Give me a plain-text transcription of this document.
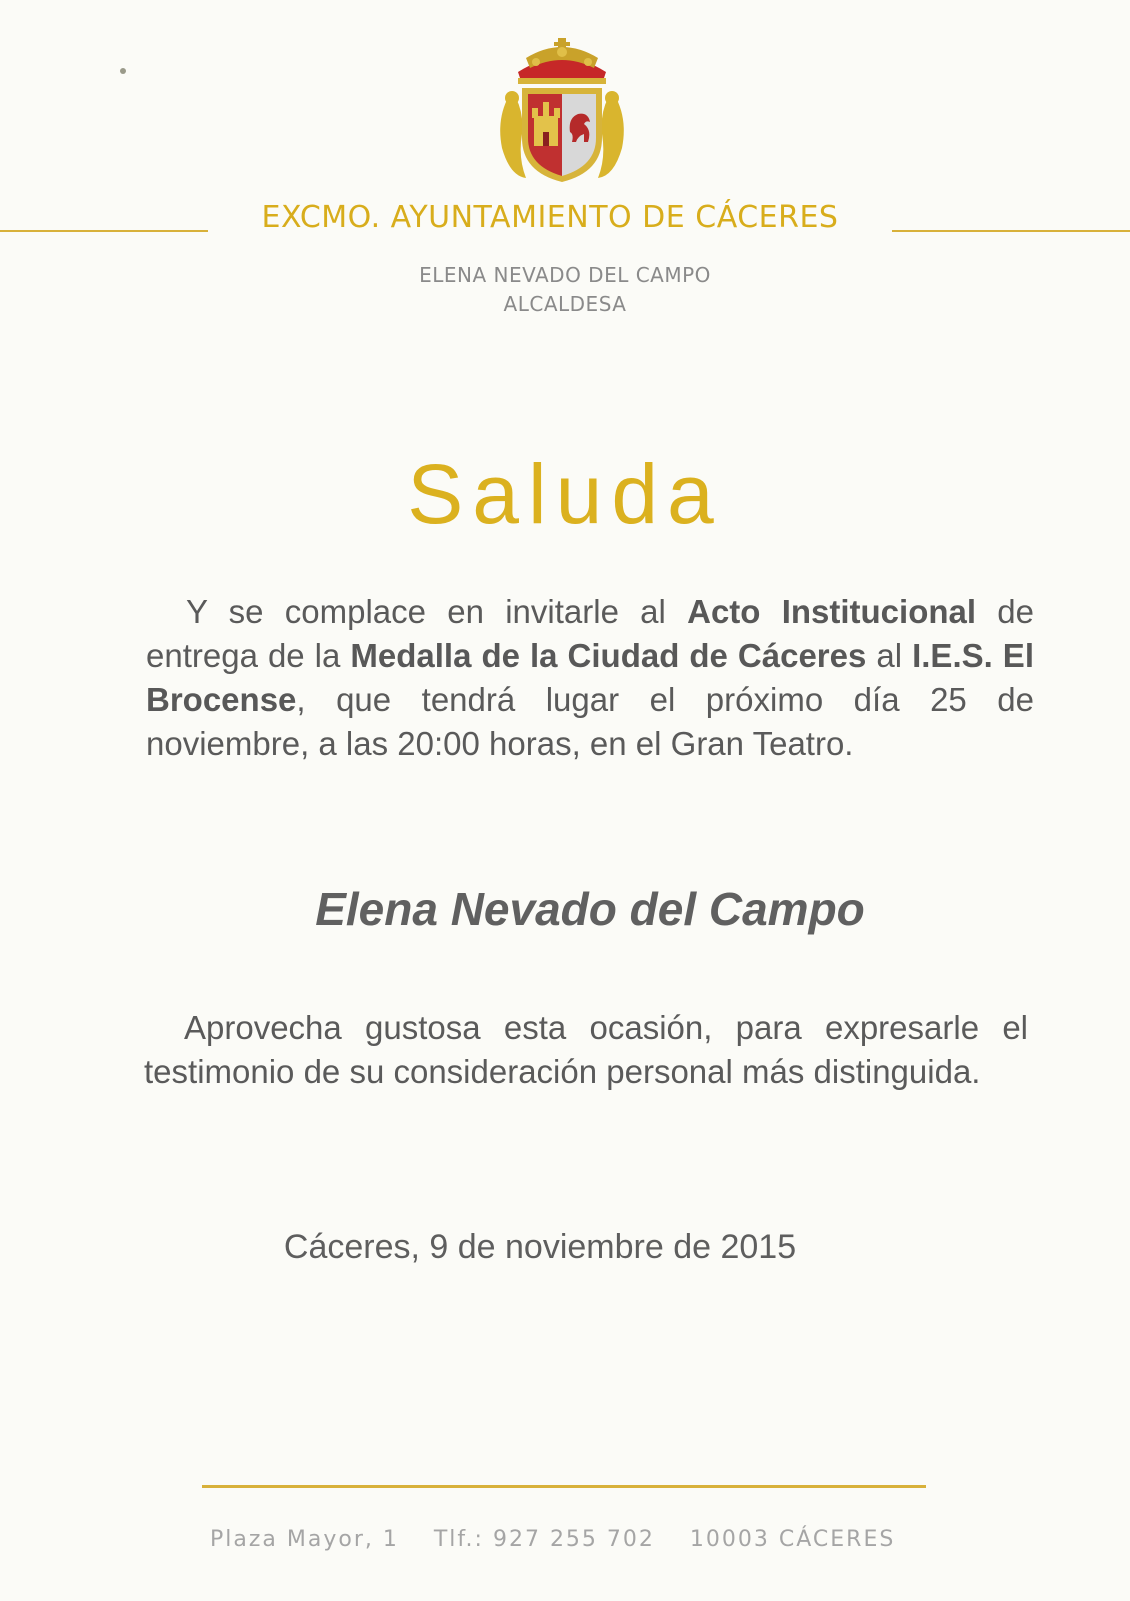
EXCMO. AYUNTAMIENTO DE CÁCERES
ELENA NEVADO DEL CAMPO
ALCALDESA
Saluda
Y se complace en invitarle al Acto Institucional de entrega de la Medalla de la Ciudad de Cáceres al I.E.S. El Brocense, que tendrá lugar el próximo día 25 de noviembre, a las 20:00 horas, en el Gran Teatro.
Elena Nevado del Campo
Aprovecha gustosa esta ocasión, para expresarle el testimonio de su consideración personal más distinguida.
Cáceres, 9 de noviembre de 2015
Plaza Mayor, 1 Tlf.: 927 255 702 10003 CÁCERES
